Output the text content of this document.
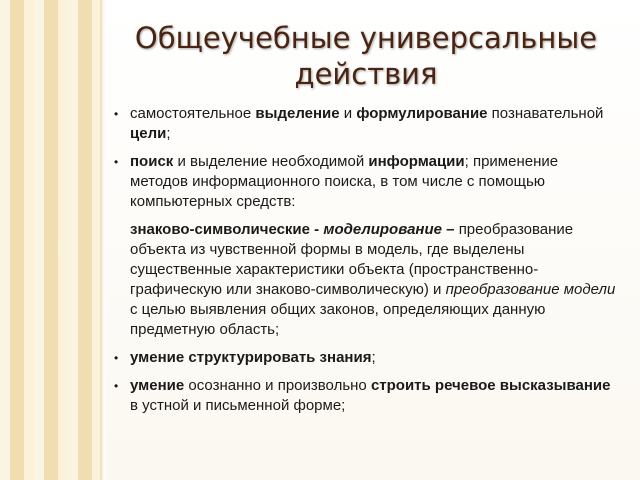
Общеучебные универсальные
действия
• самостоятельное выделение и формулирование познавательной цели;
• поиск и выделение необходимой информации; применение методов информационного поиска, в том числе с помощью компьютерных средств:
знаково-символические - моделирование – преобразование объекта из чувственной формы в модель, где выделены существенные характеристики объекта (пространственно-графическую или знаково-символическую) и преобразование модели с целью выявления общих законов, определяющих данную предметную область;
• умение структурировать знания;
• умение осознанно и произвольно строить речевое высказывание в устной и письменной форме;
